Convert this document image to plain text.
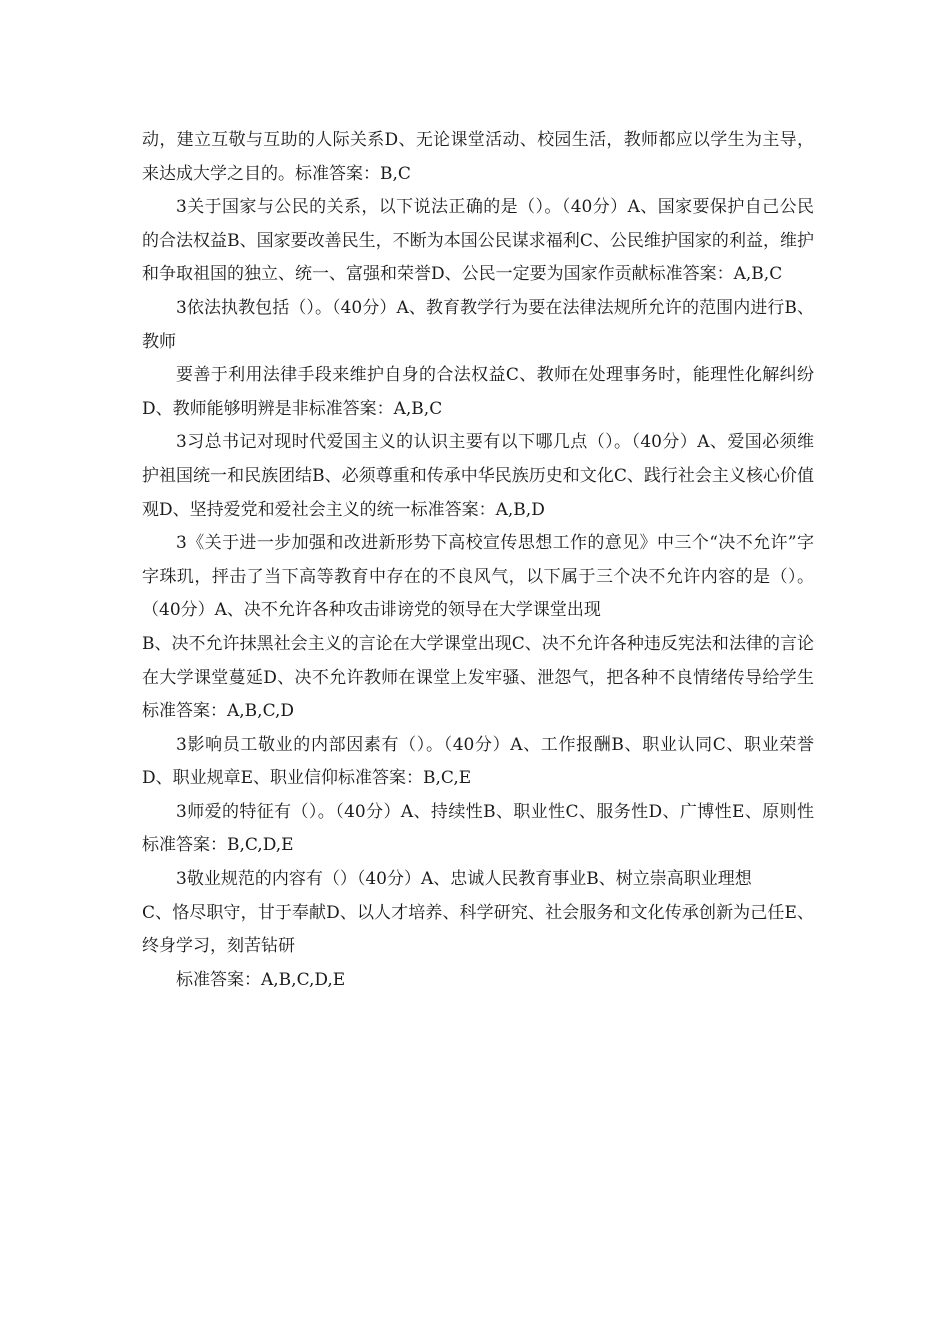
动，建立互敬与互助的人际关系D、无论课堂活动、校园生活，教师都应以学生为主导，来达成大学之目的。标准答案：B,C

3关于国家与公民的关系，以下说法正确的是（）。（40分）A、国家要保护自己公民的合法权益B、国家要改善民生，不断为本国公民谋求福利C、公民维护国家的利益，维护和争取祖国的独立、统一、富强和荣誉D、公民一定要为国家作贡献标准答案：A,B,C

3依法执教包括（）。（40分）A、教育教学行为要在法律法规所允许的范围内进行B、教师

要善于利用法律手段来维护自身的合法权益C、教师在处理事务时，能理性化解纠纷D、教师能够明辨是非标准答案：A,B,C

3习总书记对现时代爱国主义的认识主要有以下哪几点（）。（40分）A、爱国必须维护祖国统一和民族团结B、必须尊重和传承中华民族历史和文化C、践行社会主义核心价值观D、坚持爱党和爱社会主义的统一标准答案：A,B,D

3《关于进一步加强和改进新形势下高校宣传思想工作的意见》中三个“决不允许”字字珠玑，抨击了当下高等教育中存在的不良风气，以下属于三个决不允许内容的是（）。（40分）A、决不允许各种攻击诽谤党的领导在大学课堂出现

B、决不允许抹黑社会主义的言论在大学课堂出现C、决不允许各种违反宪法和法律的言论在大学课堂蔓延D、决不允许教师在课堂上发牢骚、泄怨气，把各种不良情绪传导给学生标准答案：A,B,C,D

3影响员工敬业的内部因素有（）。（40分）A、工作报酬B、职业认同C、职业荣誉D、职业规章E、职业信仰标准答案：B,C,E

3师爱的特征有（）。（40分）A、持续性B、职业性C、服务性D、广博性E、原则性标准答案：B,C,D,E

3敬业规范的内容有（）（40分）A、忠诚人民教育事业B、树立崇高职业理想

C、恪尽职守，甘于奉献D、以人才培养、科学研究、社会服务和文化传承创新为己任E、终身学习，刻苦钻研

标准答案：A,B,C,D,E
